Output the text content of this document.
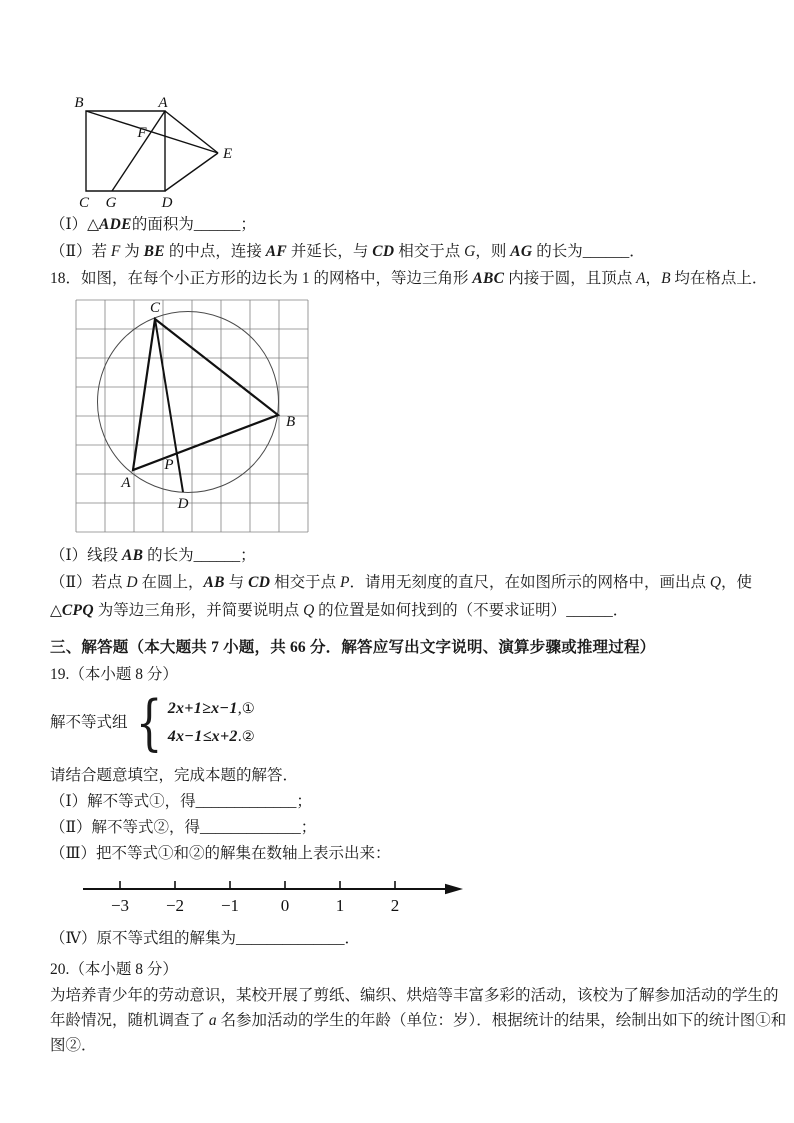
B	A
C G	D
E
F
（Ⅰ）△ADE的面积为______；
（Ⅱ）若 F 为 BE 的中点，连接 AF 并延长，与 CD 相交于点 G，则 AG 的长为______．
18．如图，在每个小正方形的边长为 1 的网格中，等边三角形 ABC 内接于圆，且顶点 A，B 均在格点上．
C
B
A
P
D
（Ⅰ）线段 AB 的长为______；
（Ⅱ）若点 D 在圆上，AB 与 CD 相交于点 P．请用无刻度的直尺，在如图所示的网格中，画出点 Q，使
△CPQ 为等边三角形，并简要说明点 Q 的位置是如何找到的（不要求证明）______．
三、解答题（本大题共 7 小题，共 66 分．解答应写出文字说明、演算步骤或推理过程）
19.（本小题 8 分）
解不等式组 { 2x+1≥x−1,①
4x−1≤x+2.②
请结合题意填空，完成本题的解答．
（Ⅰ）解不等式①，得_____________；
（Ⅱ）解不等式②，得_____________；
（Ⅲ）把不等式①和②的解集在数轴上表示出来：
−3 −2 −1 0	1	2
（Ⅳ）原不等式组的解集为______________．
20.（本小题 8 分）
为培养青少年的劳动意识，某校开展了剪纸、编织、烘焙等丰富多彩的活动，该校为了解参加活动的学生的
年龄情况，随机调查了 a 名参加活动的学生的年龄（单位：岁）．根据统计的结果，绘制出如下的统计图①和
图②．
